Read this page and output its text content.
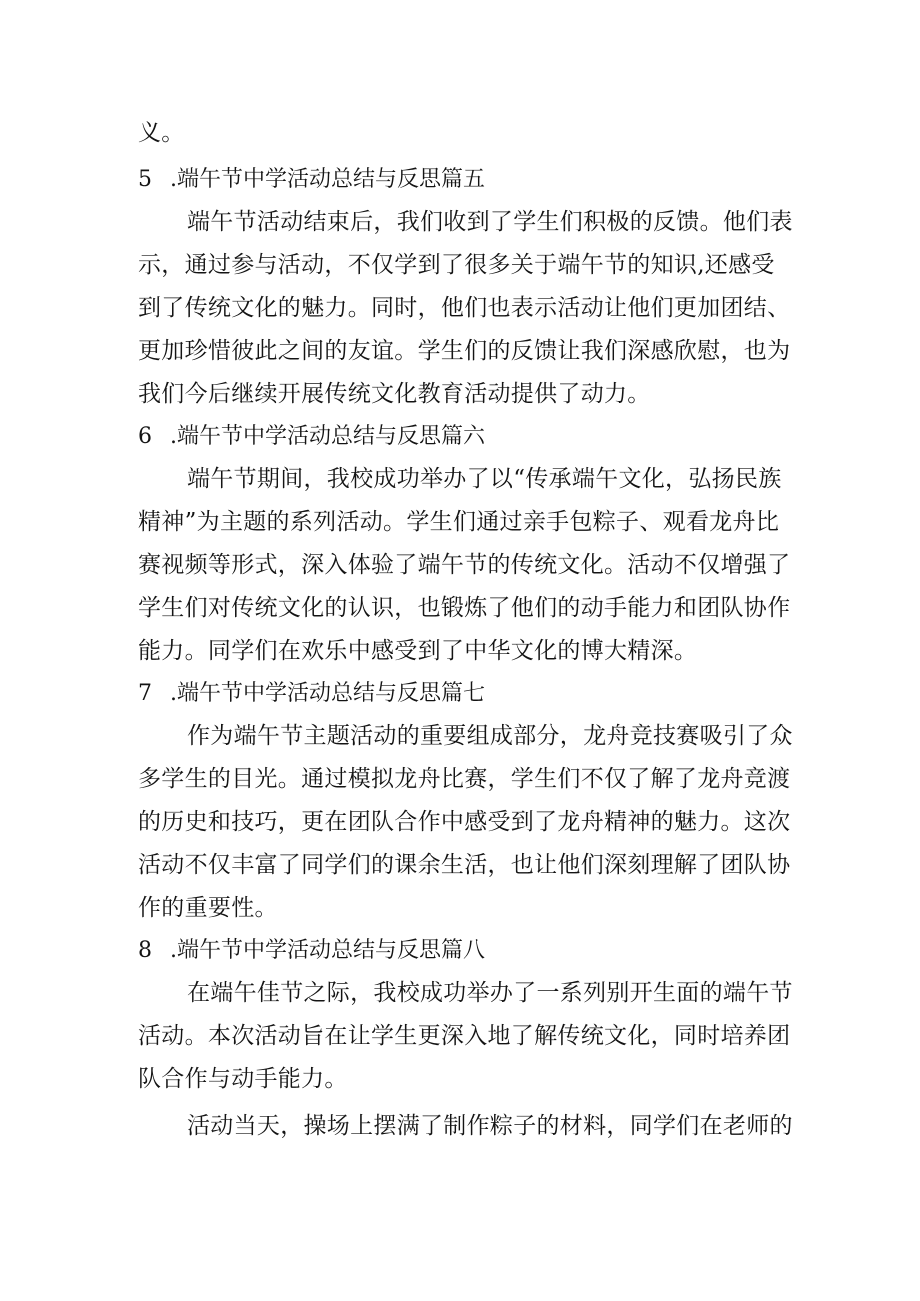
义。
5 .端午节中学活动总结与反思篇五
端午节活动结束后，我们收到了学生们积极的反馈。他们表
示，通过参与活动，不仅学到了很多关于端午节的知识,还感受
到了传统文化的魅力。同时，他们也表示活动让他们更加团结、
更加珍惜彼此之间的友谊。学生们的反馈让我们深感欣慰，也为
我们今后继续开展传统文化教育活动提供了动力。
6 .端午节中学活动总结与反思篇六
端午节期间，我校成功举办了以“传承端午文化，弘扬民族
精神”为主题的系列活动。学生们通过亲手包粽子、观看龙舟比
赛视频等形式，深入体验了端午节的传统文化。活动不仅增强了
学生们对传统文化的认识，也锻炼了他们的动手能力和团队协作
能力。同学们在欢乐中感受到了中华文化的博大精深。
7 .端午节中学活动总结与反思篇七
作为端午节主题活动的重要组成部分，龙舟竞技赛吸引了众
多学生的目光。通过模拟龙舟比赛，学生们不仅了解了龙舟竞渡
的历史和技巧，更在团队合作中感受到了龙舟精神的魅力。这次
活动不仅丰富了同学们的课余生活，也让他们深刻理解了团队协
作的重要性。
8 .端午节中学活动总结与反思篇八
在端午佳节之际，我校成功举办了一系列别开生面的端午节
活动。本次活动旨在让学生更深入地了解传统文化，同时培养团
队合作与动手能力。
活动当天，操场上摆满了制作粽子的材料，同学们在老师的
